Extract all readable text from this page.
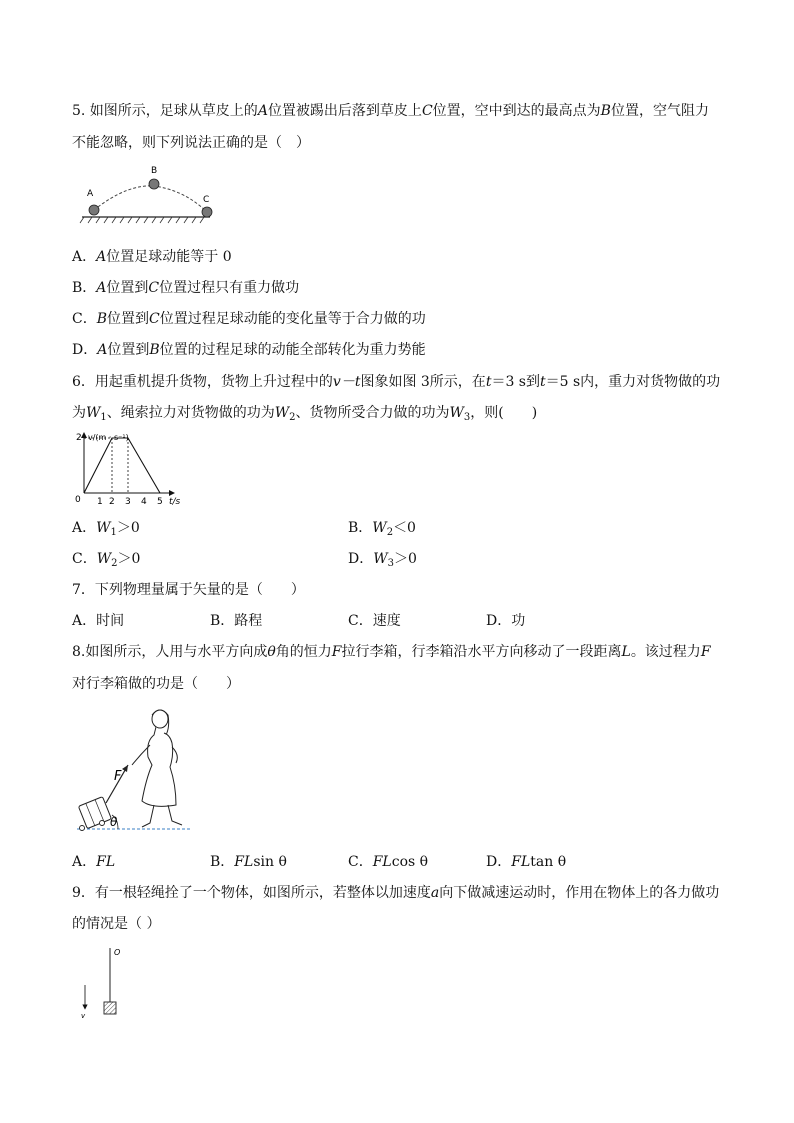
5. 如图所示，足球从草皮上的A位置被踢出后落到草皮上C位置，空中到达的最高点为B位置，空气阻力
不能忽略，则下列说法正确的是（　）
A
B
C
A．A位置足球动能等于 0
B．A位置到C位置过程只有重力做功
C．B位置到C位置过程足球动能的变化量等于合力做的功
D．A位置到B位置的过程足球的动能全部转化为重力势能
6．用起重机提升货物，货物上升过程中的v－t图象如图 3所示，在t＝3 s到t＝5 s内，重力对货物做的功
为$W_1$、绳索拉力对货物做的功为$W_2$、货物所受合力做的功为$W_3$，则(　　)
v/(m · s⁻¹)
2
0 1 2 3 4 5 t/s
A．$W_1>0$	B．$W_2<0$
C．$W_2>0$	D．$W_3>0$
7．下列物理量属于矢量的是（　　）
A．时间	B．路程	C．速度	D．功
8.如图所示，人用与水平方向成θ角的恒力F拉行李箱，行李箱沿水平方向移动了一段距离L。该过程力F
对行李箱做的功是（　　）
F
θ
A．FL	B．FLsin θ	C．FLcos θ	D．FLtan θ
9．有一根轻绳拴了一个物体，如图所示，若整体以加速度a向下做减速运动时，作用在物体上的各力做功
的情况是（ ）
O
v
